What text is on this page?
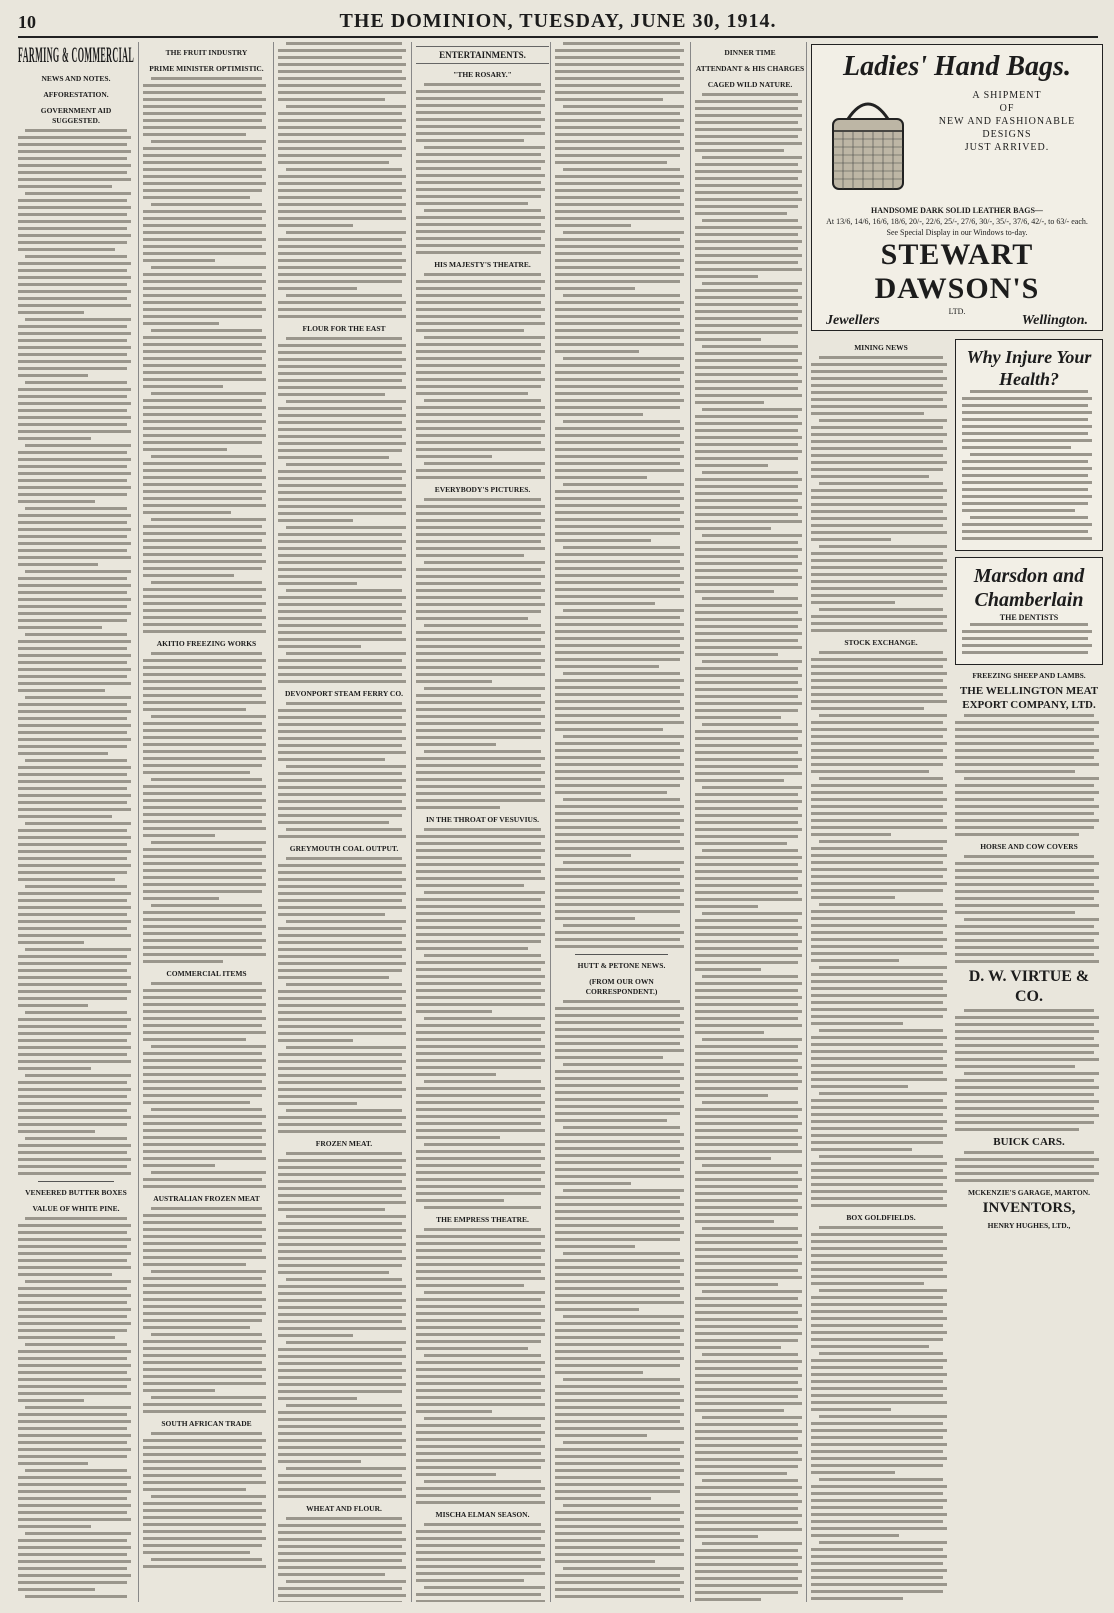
10	THE DOMINION, TUESDAY, JUNE 30, 1914.
FARMING & COMMERCIAL
NEWS AND NOTES.
AFFORESTATION.
GOVERNMENT AID SUGGESTED.
VENEERED BUTTER BOXES
VALUE OF WHITE PINE.
THE FRUIT INDUSTRY
PRIME MINISTER OPTIMISTIC.
AKITIO FREEZING WORKS
COMMERCIAL ITEMS
AUSTRALIAN FROZEN MEAT
SOUTH AFRICAN TRADE
FLOUR FOR THE EAST
DEVONPORT STEAM FERRY CO.
GREYMOUTH COAL OUTPUT.
FROZEN MEAT.
WHEAT AND FLOUR.
ENTERTAINMENTS.
"THE ROSARY."
HIS MAJESTY'S THEATRE.
EVERYBODY'S PICTURES.
IN THE THROAT OF VESUVIUS.
THE EMPRESS THEATRE.
MISCHA ELMAN SEASON.
HUTT & PETONE NEWS.
(FROM OUR OWN CORRESPONDENT.)
DINNER TIME
ATTENDANT & HIS CHARGES
CAGED WILD NATURE.
Ladies' Hand Bags.
A SHIPMENT
OF
NEW AND FASHIONABLE
DESIGNS
JUST ARRIVED.
HANDSOME DARK SOLID LEATHER BAGS—
At 13/6, 14/6, 16/6, 18/6, 20/-, 22/6, 25/-, 27/6, 30/-, 35/-, 37/6, 42/-, to 63/- each.
See Special Display in our Windows to-day.
STEWART DAWSON'S
LTD.
Jewellers	Wellington.
MINING NEWS
STOCK EXCHANGE.
BOX GOLDFIELDS.
Why Injure Your Health?
Marsdon and Chamberlain
THE DENTISTS
FREEZING SHEEP AND LAMBS.
THE WELLINGTON MEAT EXPORT COMPANY, LTD.
HORSE AND COW COVERS
D. W. VIRTUE & CO.
BUICK CARS.
MCKENZIE'S GARAGE, MARTON.
INVENTORS,
HENRY HUGHES, LTD.,
